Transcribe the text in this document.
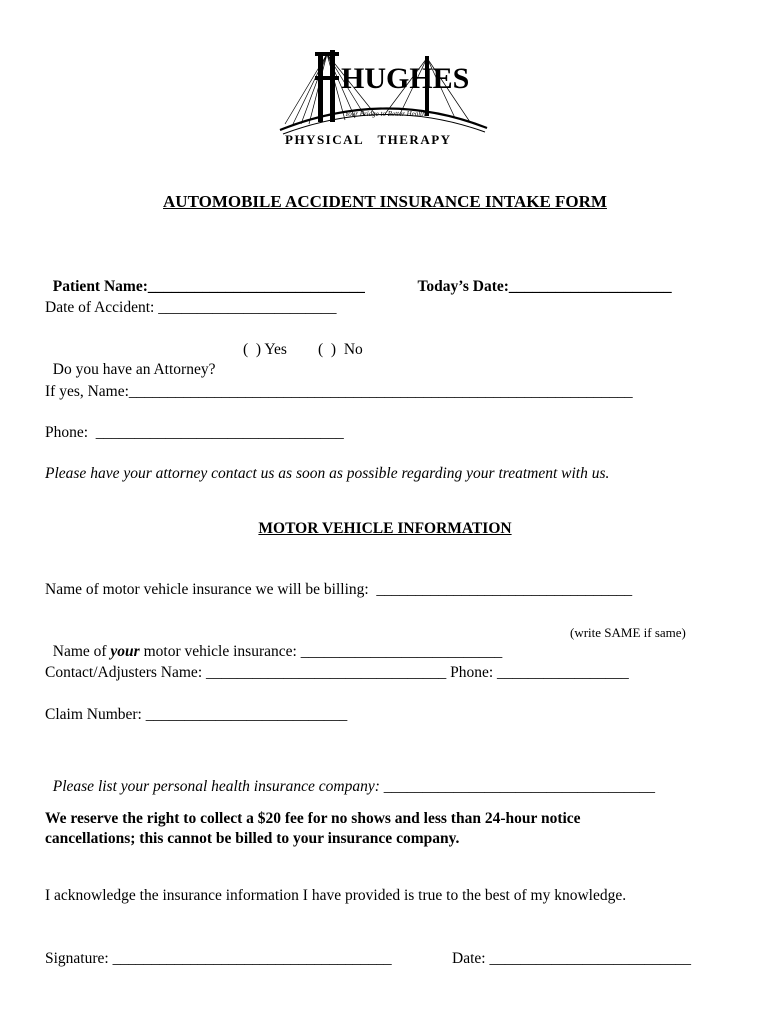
HUGHES
Your Bridge to Better Health
PHYSICAL   THERAPY
AUTOMOBILE ACCIDENT INSURANCE INTAKE FORM

Patient Name:____________________________	Today’s Date:_____________________

Date of Accident: _______________________

Do you have an Attorney?

(  ) Yes (  )  No
If yes, Name:_________________________________________________________________
Phone:  ________________________________
Please have your attorney contact us as soon as possible regarding your treatment with us.
MOTOR VEHICLE INFORMATION
Name of motor vehicle insurance we will be billing:  _________________________________

Name of your motor vehicle insurance: __________________________

(write SAME if same)
Contact/Adjusters Name: _______________________________ Phone: _________________
Claim Number: __________________________

Please list your personal health insurance company: ___________________________________

We reserve the right to collect a $20 fee for no shows and less than 24-hour notice
cancellations; this cannot be billed to your insurance company.
I acknowledge the insurance information I have provided is true to the best of my knowledge.
Signature: ____________________________________	Date: __________________________
